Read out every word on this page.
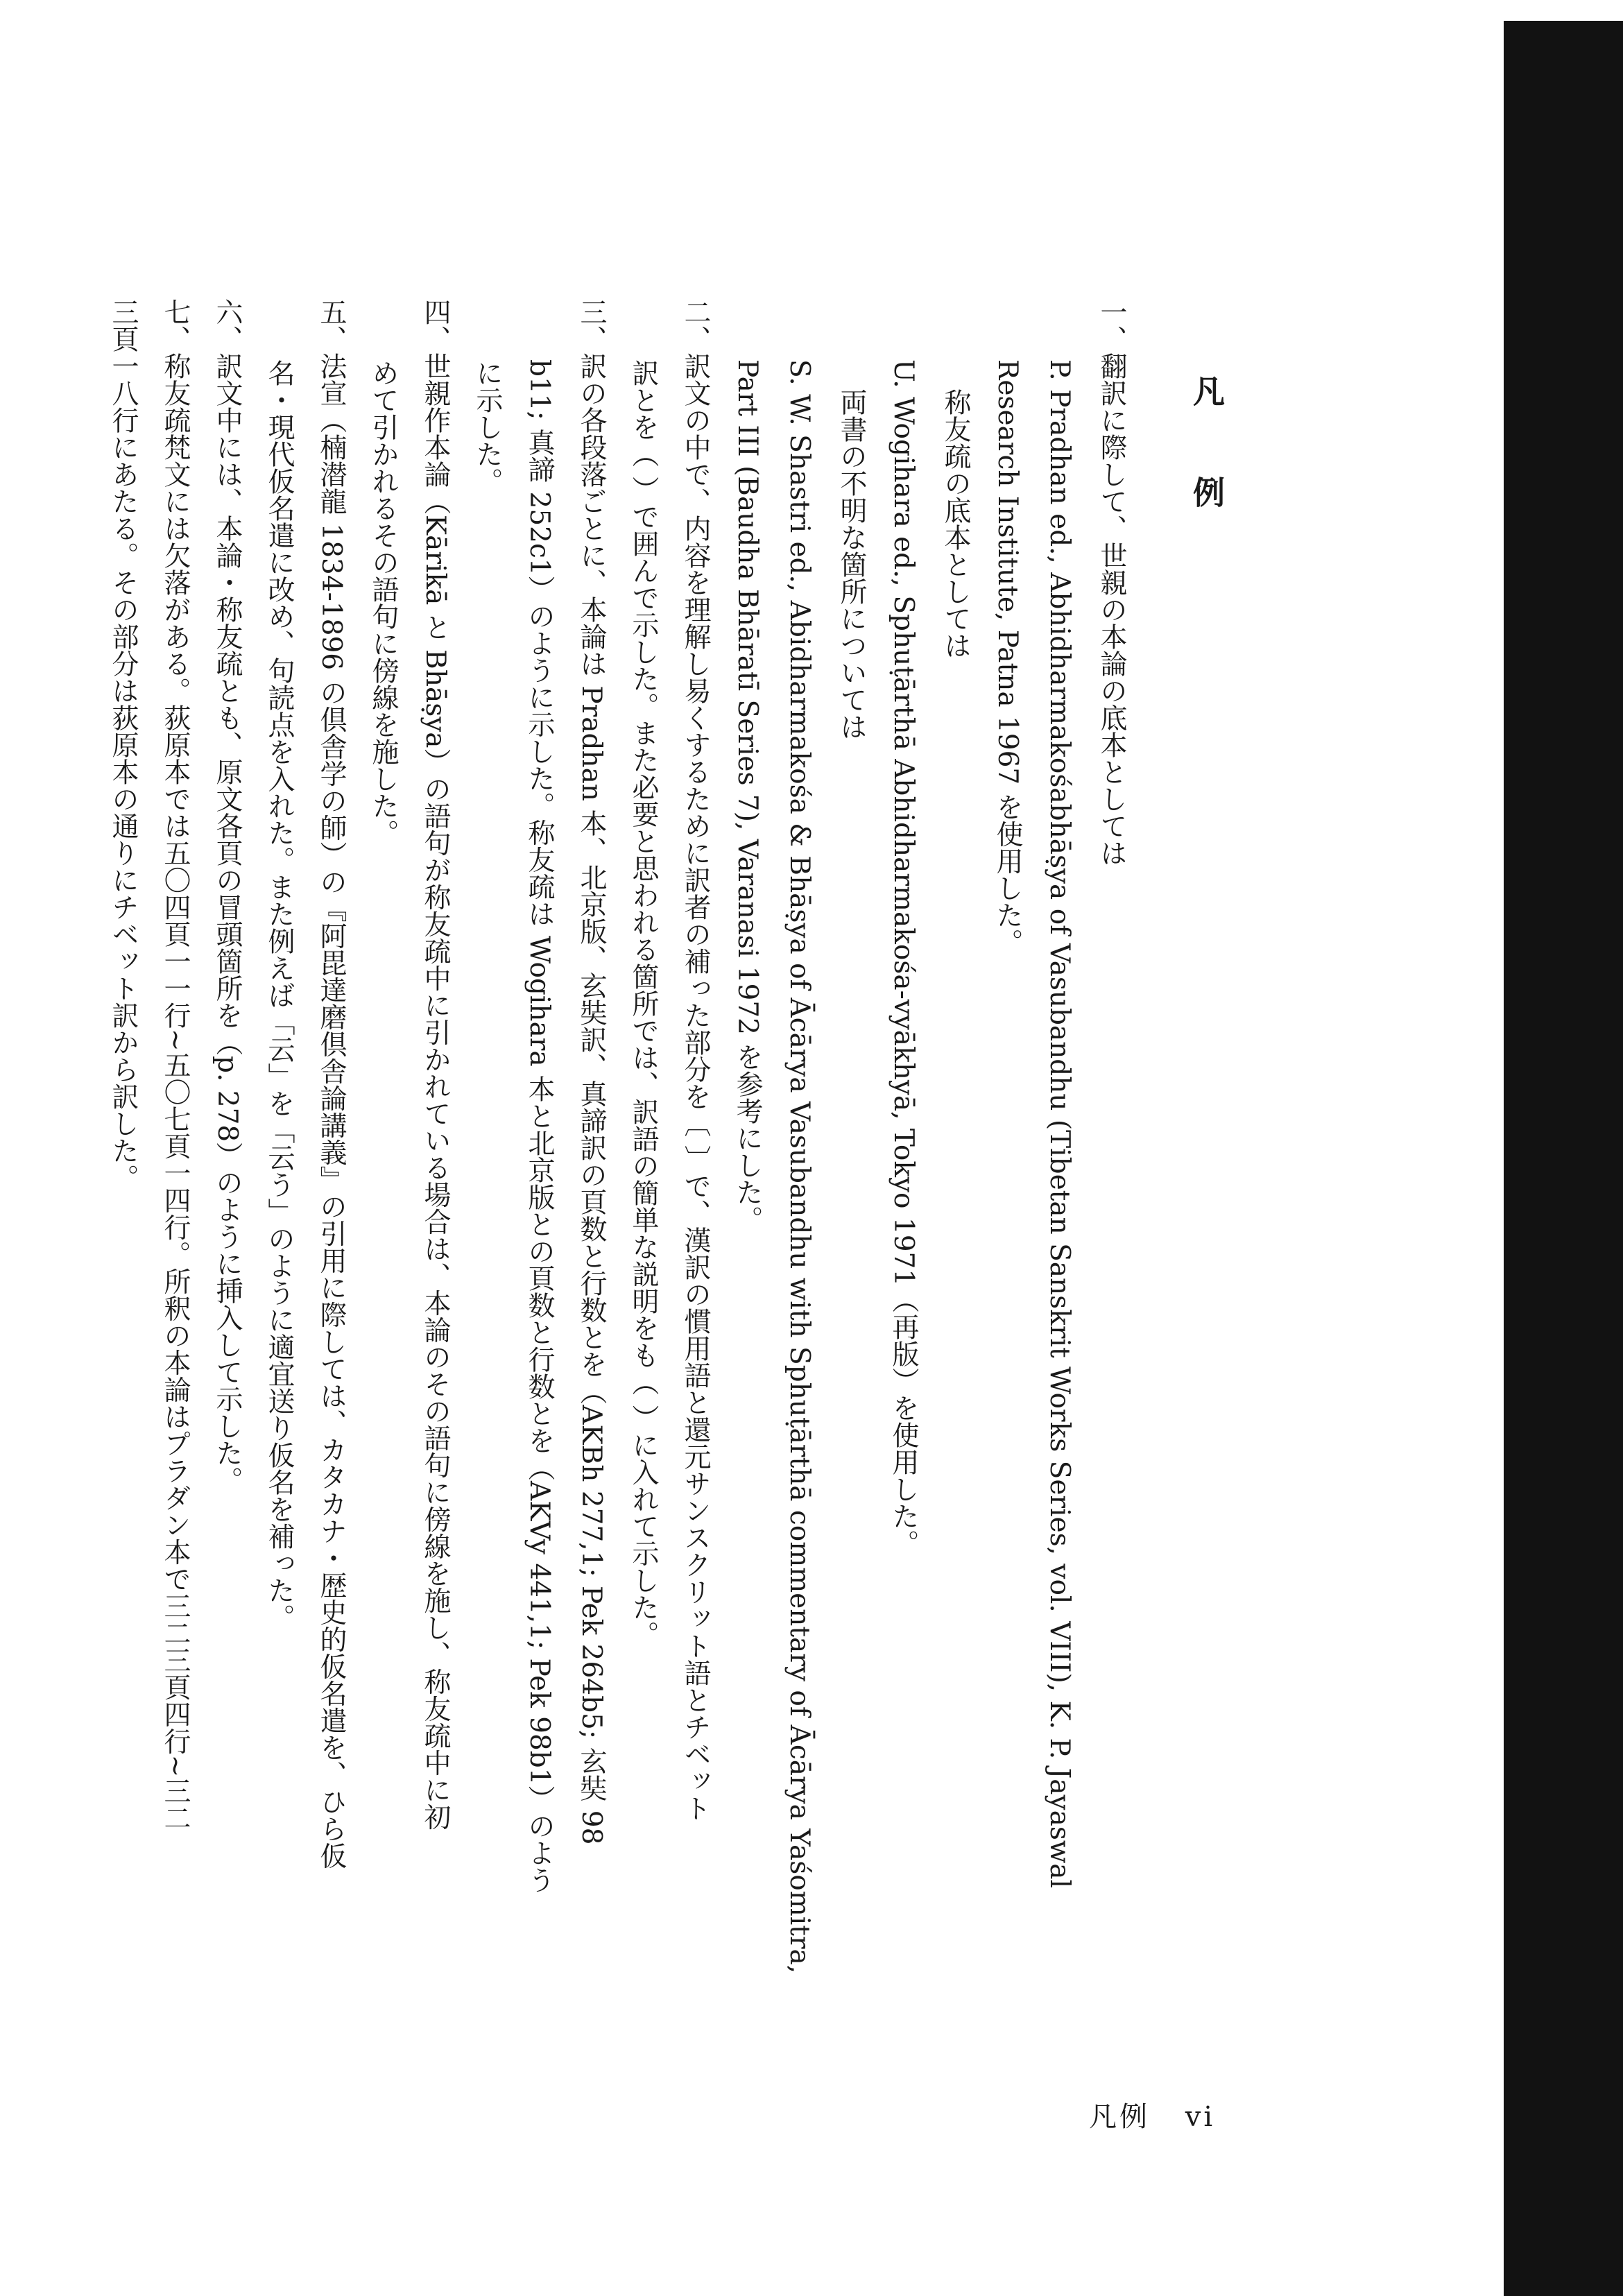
凡 例
一、翻訳に際して、世親の本論の底本としては
P. Pradhan ed., Abhidharmakośabhāṣya of Vasubandhu (Tibetan Sanskrit Works Series, vol. VIII), K. P. Jayaswal
Research Institute, Patna 1967 を使用した。
称友疏の底本としては
U. Wogihara ed., Sphuṭārthā Abhidharmakośa-vyākhyā, Tokyo 1971（再版）を使用した。
両書の不明な箇所については
S. W. Shastri ed., Abidharmakośa & Bhāṣya of Ācārya Vasubandhu with Sphuṭārthā commentary of Ācārya Yaśomitra,
Part III (Baudha Bhāratī Series 7), Varanasi 1972 を参考にした。
二、訳文の中で、内容を理解し易くするために訳者の補った部分を〔 〕で、漢訳の慣用語と還元サンスクリット語とチベット
訳とを（ ）で囲んで示した。また必要と思われる箇所では、訳語の簡単な説明をも（ ）に入れて示した。
三、訳の各段落ごとに、本論は Pradhan 本、北京版、玄奘訳、真諦訳の頁数と行数とを（AKBh 277,1; Pek 264b5; 玄奘 98
b11; 真諦 252c1）のように示した。称友疏は Wogihara 本と北京版との頁数と行数とを（AKVy 441,1; Pek 98b1）のよう
に示した。
四、世親作本論（Kārikā と Bhāṣya）の語句が称友疏中に引かれている場合は、本論のその語句に傍線を施し、称友疏中に初
めて引かれるその語句に傍線を施した。
五、法宣（楠潜龍 1834-1896 の倶舎学の師）の『阿毘達磨倶舎論講義』の引用に際しては、カタカナ・歴史的仮名遣を、ひら仮
名・現代仮名遣に改め、句読点を入れた。また例えば「云」を「云う」のように適宜送り仮名を補った。
六、訳文中には、本論・称友疏とも、原文各頁の冒頭箇所を（p. 278）のように挿入して示した。
七、称友疏梵文には欠落がある。荻原本では五〇四頁一一行~五〇七頁一四行。所釈の本論はプラダン本で三二三頁四行~三二
三頁一八行にあたる。その部分は荻原本の通りにチベット訳から訳した。
凡例 vi
